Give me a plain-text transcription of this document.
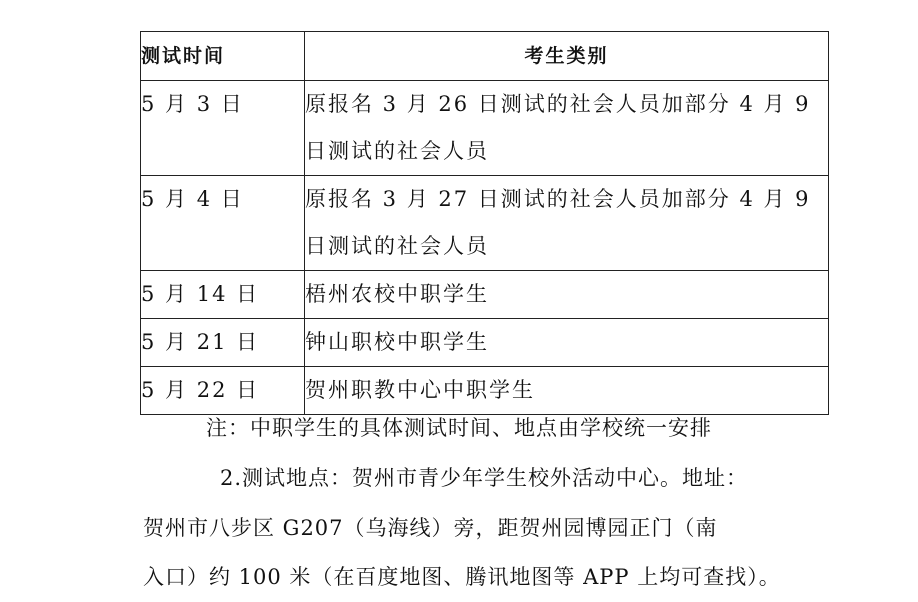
测试时间	考生类别
5 月 3 日	原报名 3 月 26 日测试的社会人员加部分 4 月 9
日测试的社会人员

5 月 4 日	原报名 3 月 27 日测试的社会人员加部分 4 月 9
日测试的社会人员

5 月 14 日	梧州农校中职学生
5 月 21 日	钟山职校中职学生
5 月 22 日	贺州职教中心中职学生
注：中职学生的具体测试时间、地点由学校统一安排
2.测试地点：贺州市青少年学生校外活动中心。地址：
贺州市八步区 G207（乌海线）旁，距贺州园博园正门（南
入口）约 100 米（在百度地图、腾讯地图等 APP 上均可查找）。
